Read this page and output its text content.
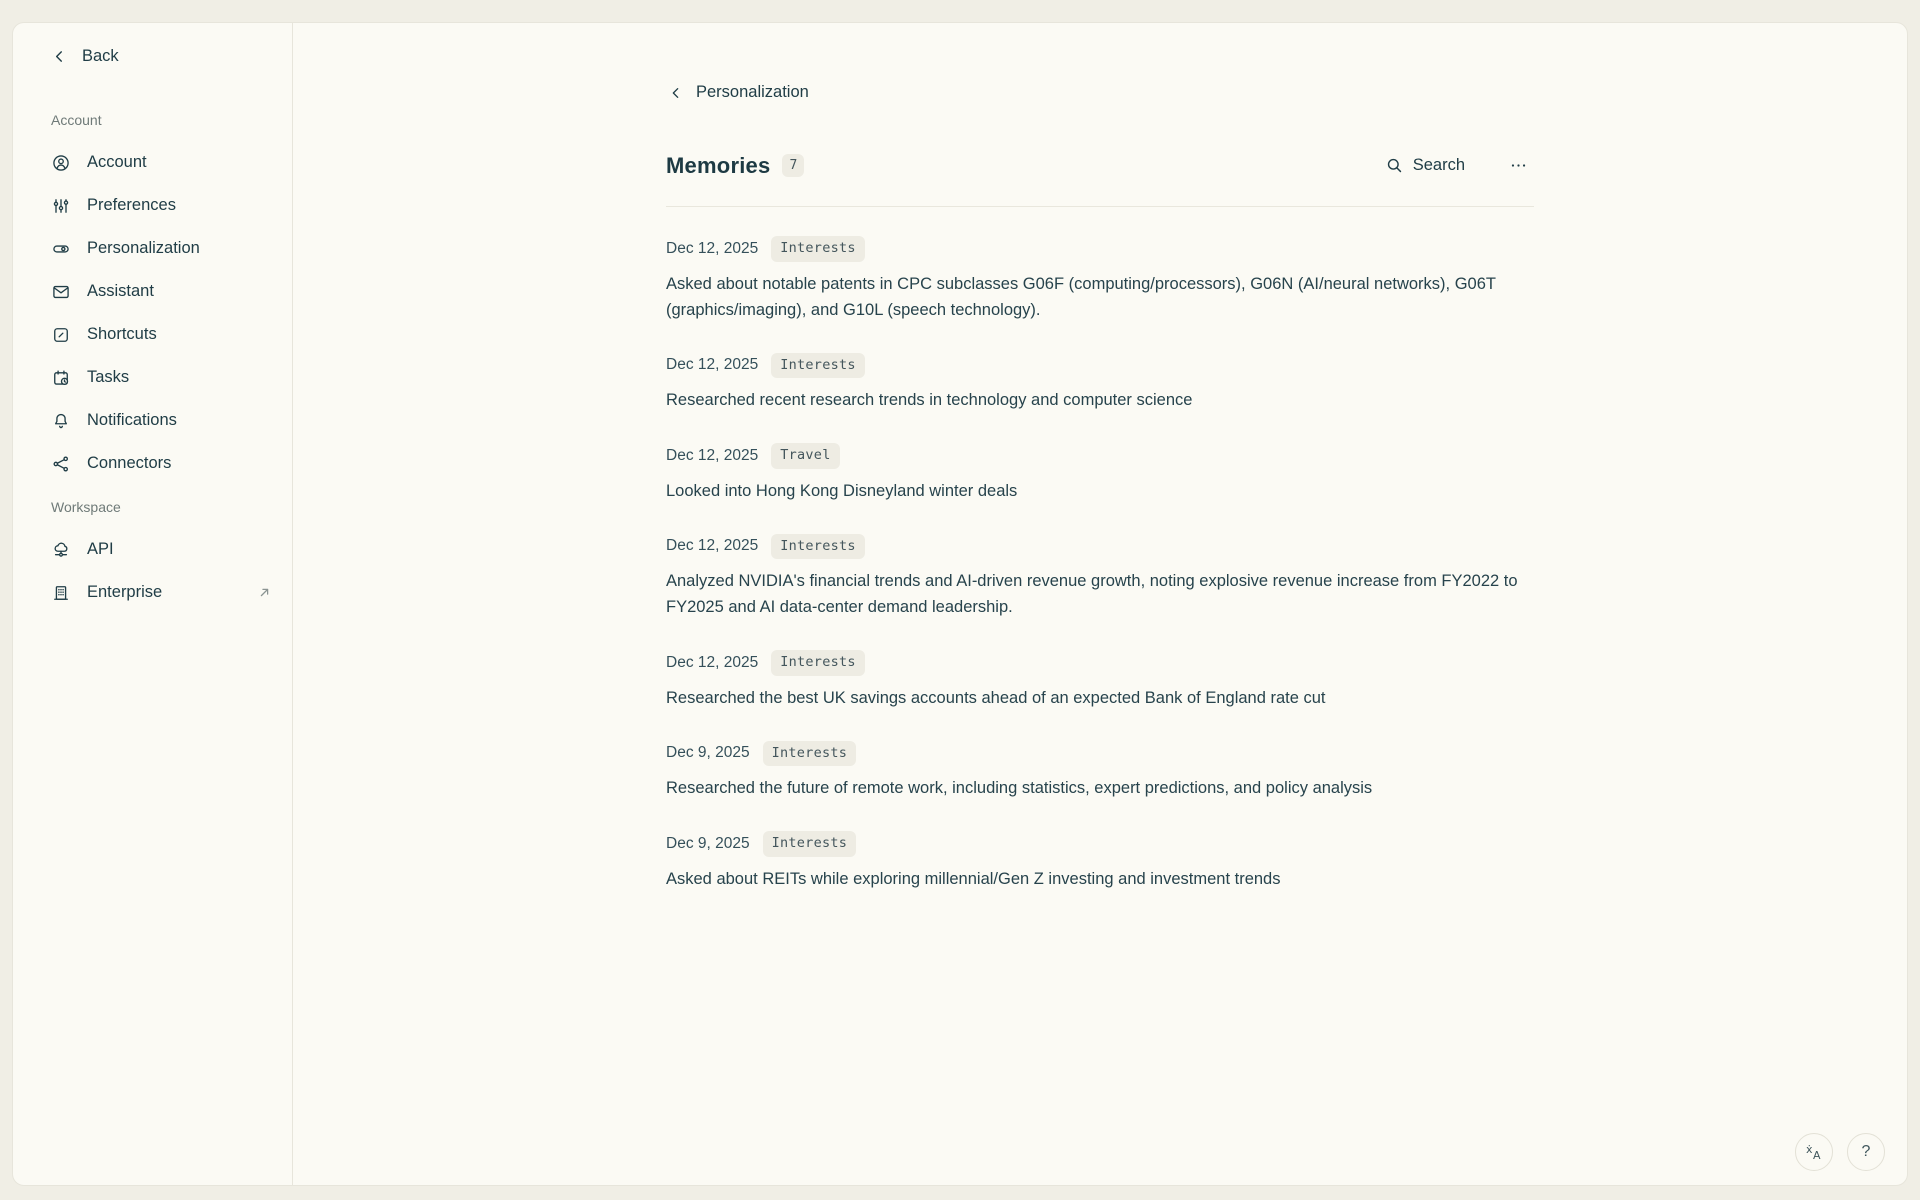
Back
Account
Account
Preferences
Personalization
Assistant
Shortcuts
Tasks
Notifications
Connectors
Workspace
API
Enterprise
Personalization
Memories	7	Search
Dec 12, 2025	Interests
Asked about notable patents in CPC subclasses G06F (computing/processors), G06N (AI/neural networks), G06T (graphics/imaging), and G10L (speech technology).
Dec 12, 2025	Interests
Researched recent research trends in technology and computer science
Dec 12, 2025	Travel
Looked into Hong Kong Disneyland winter deals
Dec 12, 2025	Interests
Analyzed NVIDIA's financial trends and AI-driven revenue growth, noting explosive revenue increase from FY2022 to FY2025 and AI data-center demand leadership.
Dec 12, 2025	Interests
Researched the best UK savings accounts ahead of an expected Bank of England rate cut
Dec 9, 2025	Interests
Researched the future of remote work, including statistics, expert predictions, and policy analysis
Dec 9, 2025	Interests
Asked about REITs while exploring millennial/Gen Z investing and investment trends
ẋ A	?
